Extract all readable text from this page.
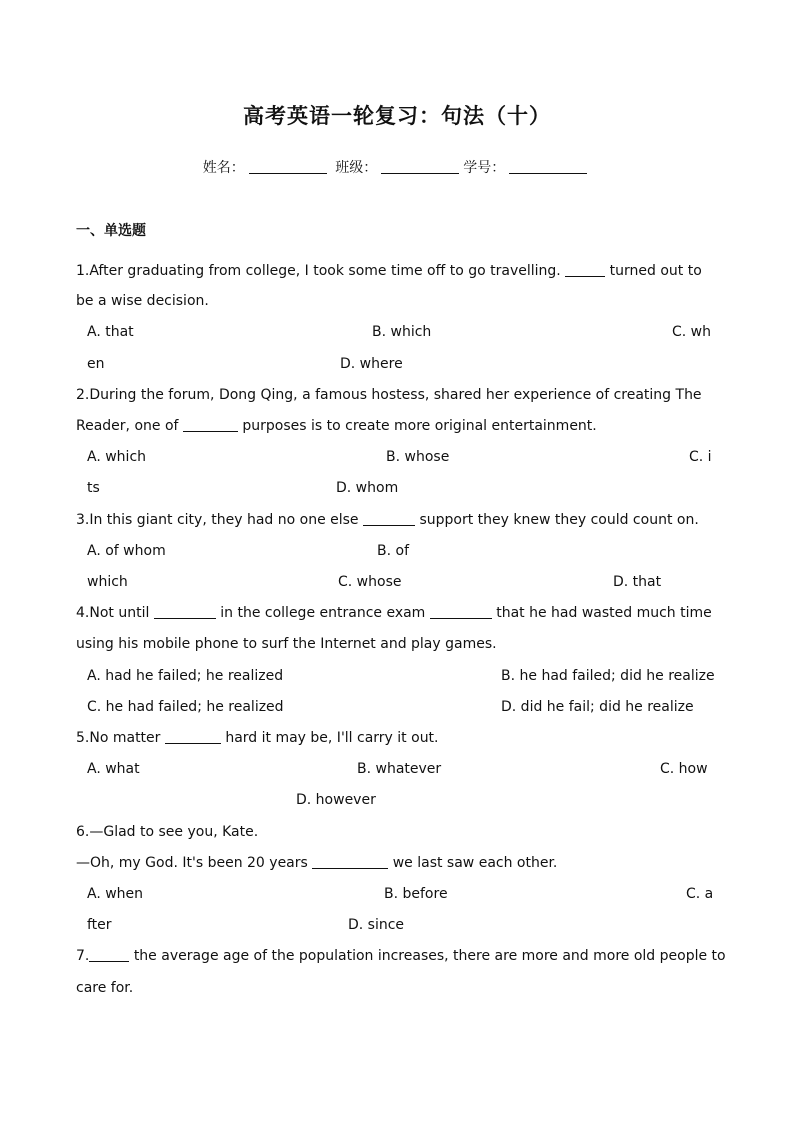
高考英语一轮复习：句法（十）
姓名：	班级：	学号：
一、单选题
1.After graduating from college, I took some time off to go travelling.	turned out to
be a wise decision.
A. that	B. which	C. wh
en	D. where
2.During the forum, Dong Qing, a famous hostess, shared her experience of creating The
Reader, one of	purposes is to create more original entertainment.
A. which	B. whose	C. i
ts	D. whom
3.In this giant city, they had no one else	support they knew they could count on.
A. of whom	B. of
which	C. whose	D. that
4.Not until	in the college entrance exam	that he had wasted much time
using his mobile phone to surf the Internet and play games.
A. had he failed; he realized	B. he had failed; did he realize
C. he had failed; he realized	D. did he fail; did he realize
5.No matter	hard it may be, I'll carry it out.
A. what	B. whatever	C. how
D. however
6.—Glad to see you, Kate.
—Oh, my God. It's been 20 years	we last saw each other.
A. when	B. before	C. a
fter	D. since
7.	the average age of the population increases, there are more and more old people to
care for.
